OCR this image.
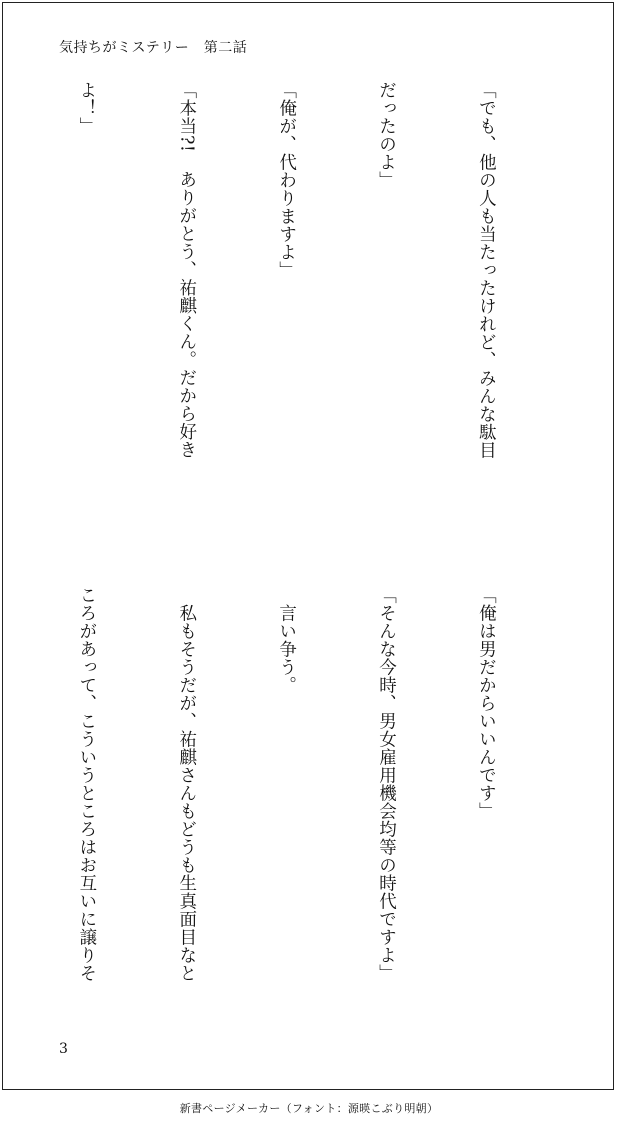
気持ちがミステリー　第二話

「でも、他の人も当たったけれど、みんな駄目

だったのよ」

「俺が、代わりますよ」

「本当?!　ありがとう、祐麒くん。だから好き

よ！」

「俺は男だからいいんです」

「そんな今時、男女雇用機会均等の時代ですよ」

　言い争う。

　私もそうだが、祐麒さんもどうも生真面目なと

ころがあって、こういうところはお互いに譲りそ

3
新書ページメーカー（フォント：源暎こぶり明朝）
